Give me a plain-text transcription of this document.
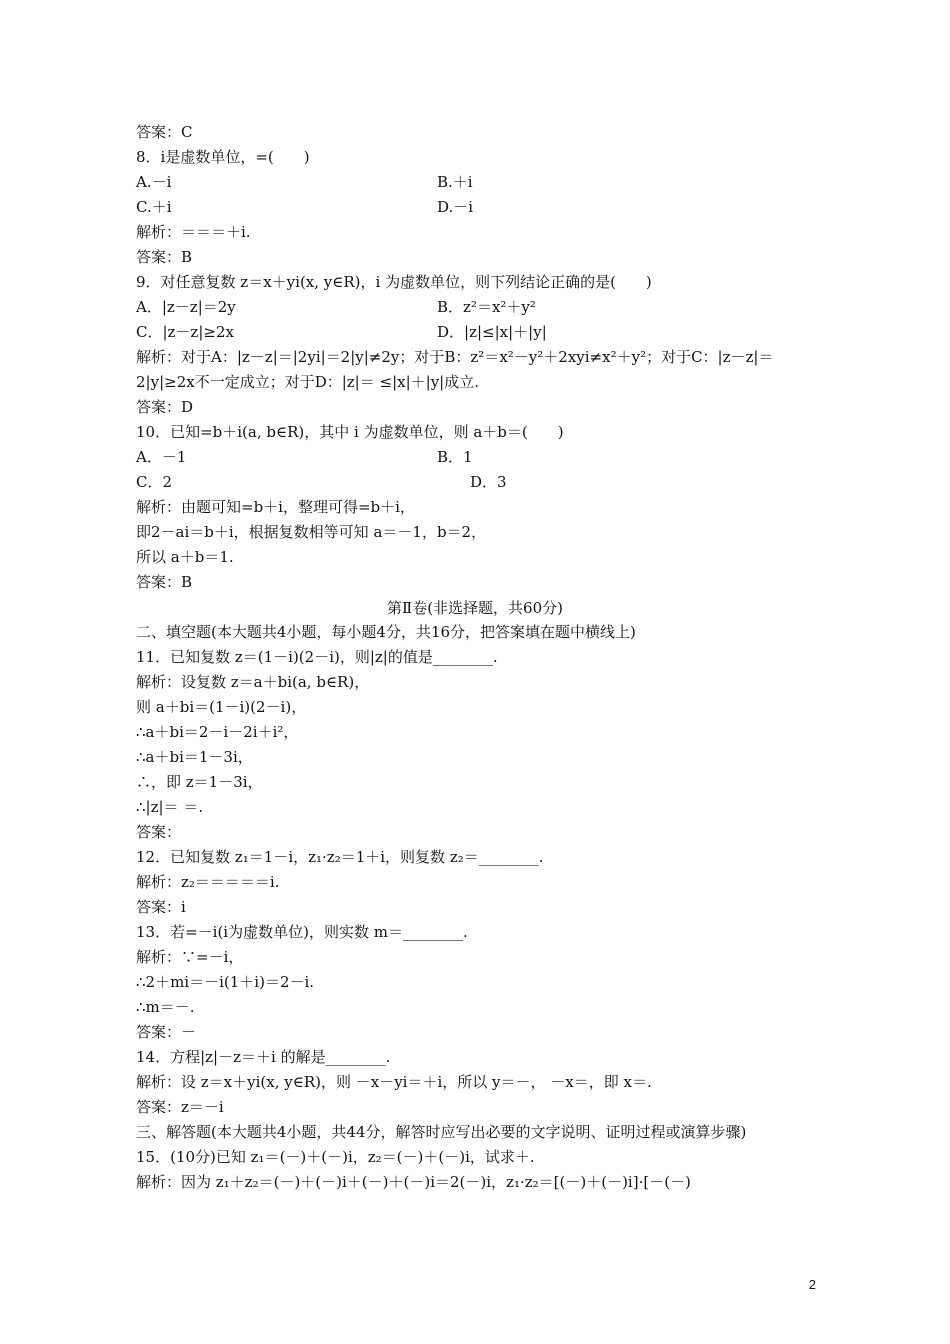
答案：C
8．i是虚数单位，=(　　)
A.－i	B.＋i
C.＋i	D.－i
解析：＝＝＝＋i.
答案：B
9．对任意复数 z＝x＋yi(x, y∈R)，i 为虚数单位，则下列结论正确的是(　　)
A．|z－z|＝2y	B．z²＝x²＋y²
C．|z－z|≥2x	D．|z|≤|x|＋|y|
解析：对于A：|z－z|＝|2yi|＝2|y|≠2y；对于B：z²＝x²－y²＋2xyi≠x²＋y²；对于C：|z－z|＝
2|y|≥2x不一定成立；对于D：|z|＝ ≤|x|＋|y|成立.
答案：D
10．已知=b＋i(a, b∈R)，其中 i 为虚数单位，则 a＋b＝(　　)
A．－1	B．1
C．2	D．3
解析：由题可知=b＋i，整理可得=b＋i，
即2－ai＝b＋i，根据复数相等可知 a＝－1，b＝2，
所以 a＋b＝1.
答案：B
第Ⅱ卷(非选择题，共60分)
二、填空题(本大题共4小题，每小题4分，共16分，把答案填在题中横线上)
11．已知复数 z＝(1－i)(2－i)，则|z|的值是________.
解析：设复数 z＝a＋bi(a, b∈R)，
则 a＋bi＝(1－i)(2－i)，
∴a＋bi＝2－i－2i＋i²，
∴a＋bi＝1－3i，
∴，即 z＝1－3i，
∴|z|＝ ＝.
答案：
12．已知复数 z₁＝1－i，z₁·z₂＝1＋i，则复数 z₂＝________.
解析：z₂＝＝＝＝＝i.
答案：i
13．若=－i(i为虚数单位)，则实数 m＝________.
解析：∵=－i，
∴2＋mi＝－i(1＋i)＝2－i.
∴m＝－.
答案：－
14．方程|z|－z＝＋i 的解是________.
解析：设 z＝x＋yi(x, y∈R)，则 －x－yi＝＋i，所以 y＝－， －x＝，即 x＝.
答案：z＝－i
三、解答题(本大题共4小题，共44分，解答时应写出必要的文字说明、证明过程或演算步骤)
15．(10分)已知 z₁＝(－)＋(－)i，z₂＝(－)＋(－)i，试求＋.
解析：因为 z₁＋z₂＝(－)＋(－)i＋(－)＋(－)i＝2(－)i，z₁·z₂＝[(－)＋(－)i]·[－(－)
2
